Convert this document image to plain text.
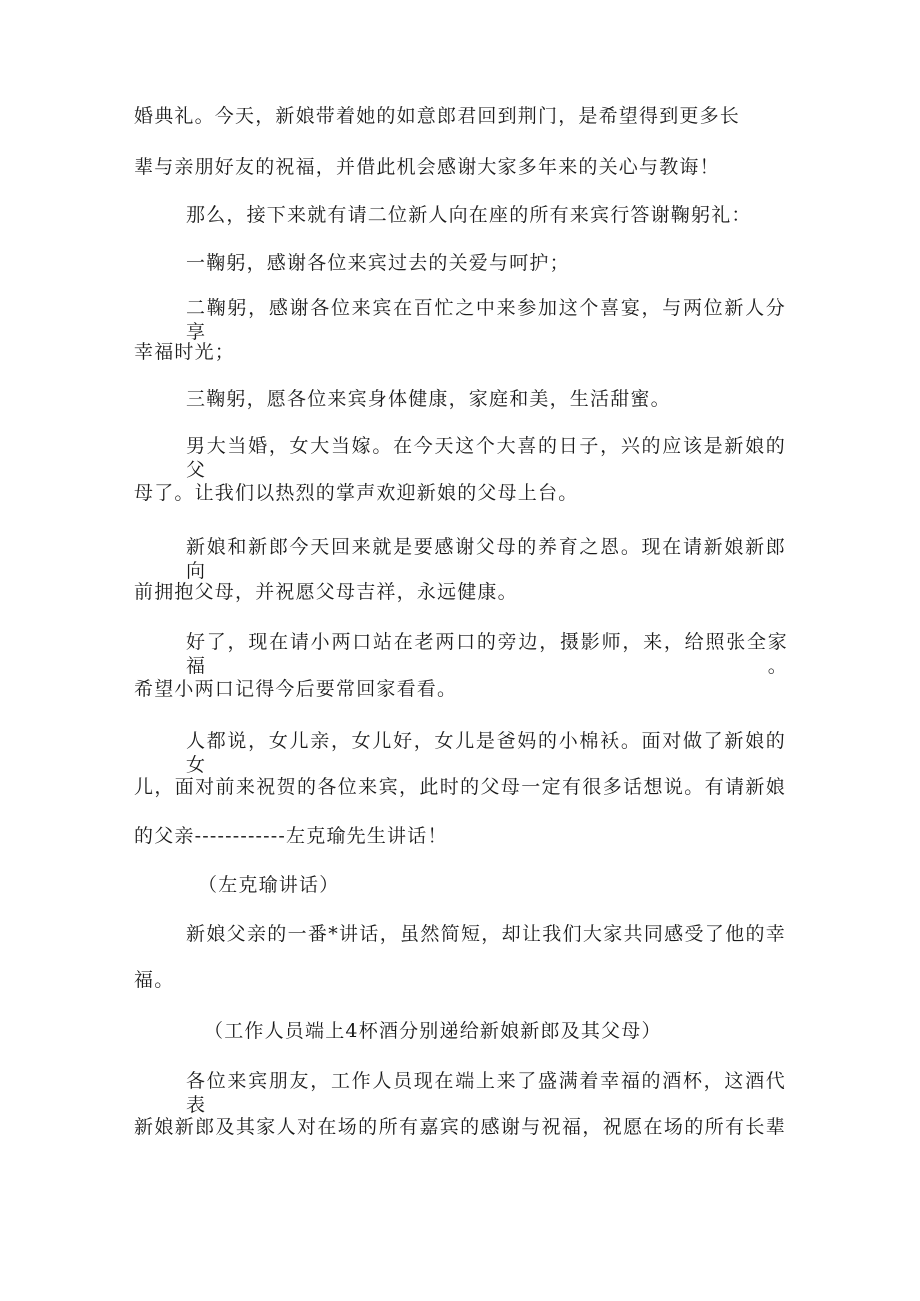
婚典礼。今天，新娘带着她的如意郎君回到荆门，是希望得到更多长

辈与亲朋好友的祝福，并借此机会感谢大家多年来的关心与教诲！

那么，接下来就有请二位新人向在座的所有来宾行答谢鞠躬礼：

一鞠躬，感谢各位来宾过去的关爱与呵护；

二鞠躬，感谢各位来宾在百忙之中来参加这个喜宴，与两位新人分享

幸福时光；

三鞠躬，愿各位来宾身体健康，家庭和美，生活甜蜜。

男大当婚，女大当嫁。在今天这个大喜的日子，兴的应该是新娘的父

母了。让我们以热烈的掌声欢迎新娘的父母上台。

新娘和新郎今天回来就是要感谢父母的养育之恩。现在请新娘新郎向

前拥抱父母，并祝愿父母吉祥，永远健康。

好了，现在请小两口站在老两口的旁边，摄影师，来，给照张全家福。

希望小两口记得今后要常回家看看。

人都说，女儿亲，女儿好，女儿是爸妈的小棉袄。面对做了新娘的女

儿，面对前来祝贺的各位来宾，此时的父母一定有很多话想说。有请新娘

的父亲------------左克瑜先生讲话！

（左克瑜讲话）

新娘父亲的一番*讲话，虽然简短，却让我们大家共同感受了他的幸

福。

（工作人员端上4杯酒分别递给新娘新郎及其父母）

各位来宾朋友，工作人员现在端上来了盛满着幸福的酒杯，这酒代表

新娘新郎及其家人对在场的所有嘉宾的感谢与祝福，祝愿在场的所有长辈
